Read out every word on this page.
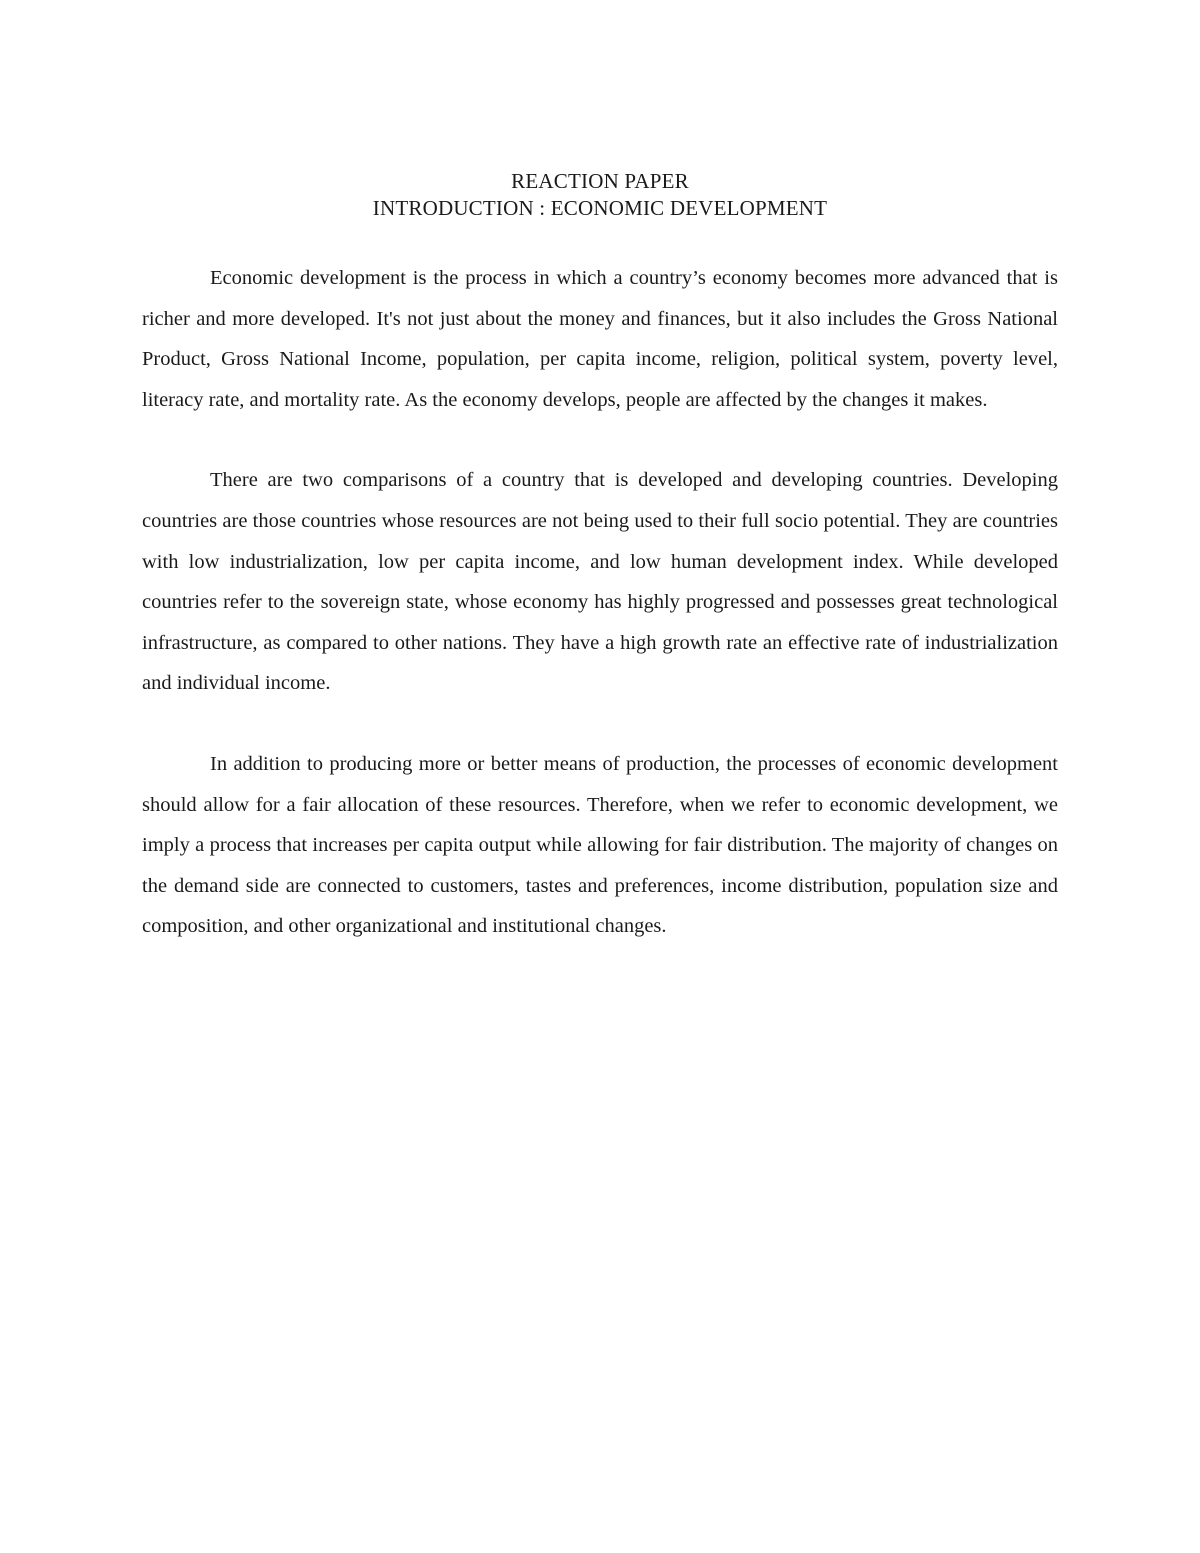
REACTION PAPER
INTRODUCTION : ECONOMIC DEVELOPMENT

Economic development is the process in which a country’s economy becomes more advanced that is richer and more developed. It's not just about the money and finances, but it also includes the Gross National Product, Gross National Income, population, per capita income, religion, political system, poverty level, literacy rate, and mortality rate. As the economy develops, people are affected by the changes it makes.

There are two comparisons of a country that is developed and developing countries. Developing countries are those countries whose resources are not being used to their full socio potential. They are countries with low industrialization, low per capita income, and low human development index. While developed countries refer to the sovereign state, whose economy has highly progressed and possesses great technological infrastructure, as compared to other nations. They have a high growth rate an effective rate of industrialization and individual income.

In addition to producing more or better means of production, the processes of economic development should allow for a fair allocation of these resources. Therefore, when we refer to economic development, we imply a process that increases per capita output while allowing for fair distribution. The majority of changes on the demand side are connected to customers, tastes and preferences, income distribution, population size and composition, and other organizational and institutional changes.
